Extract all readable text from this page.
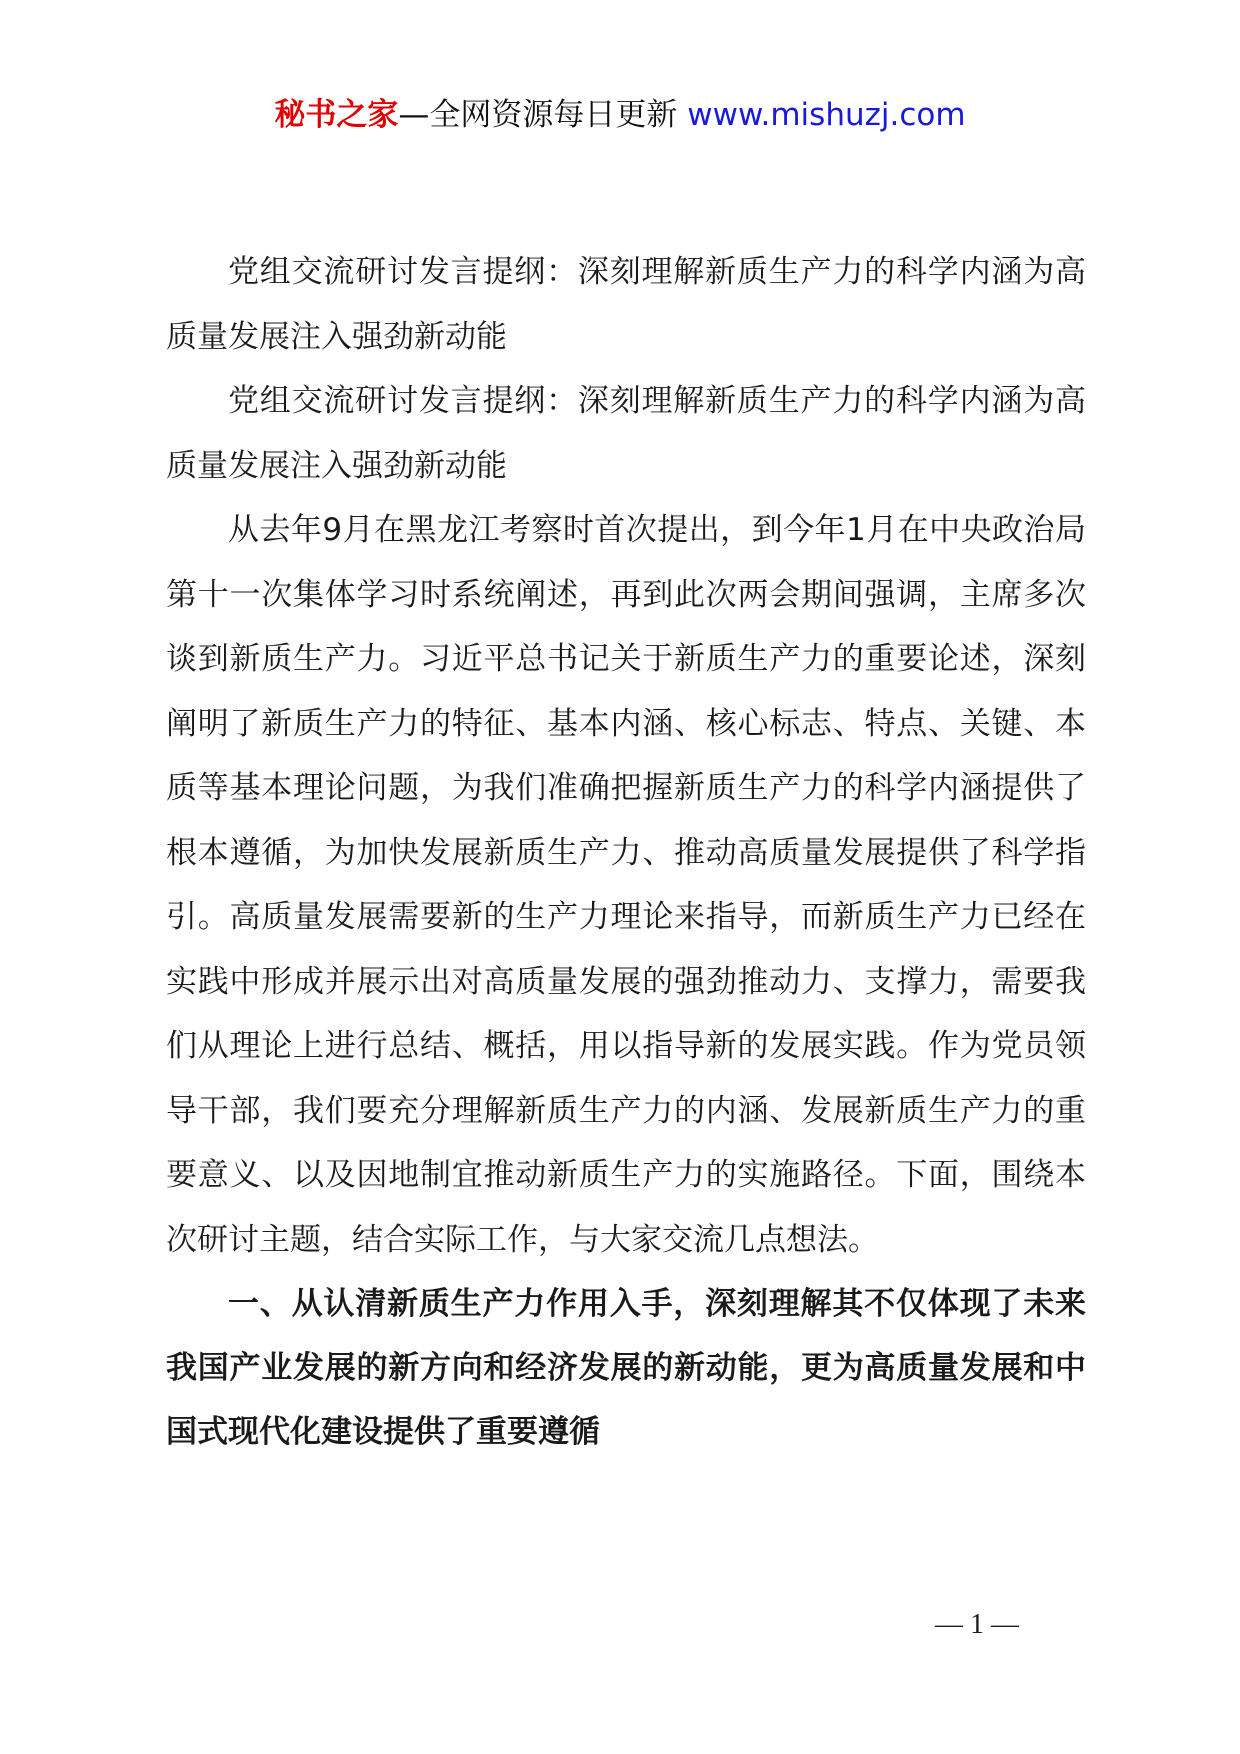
秘书之家—全网资源每日更新 www.mishuzj.com

党组交流研讨发言提纲：深刻理解新质生产力的科学内涵为高质量发展注入强劲新动能

党组交流研讨发言提纲：深刻理解新质生产力的科学内涵为高质量发展注入强劲新动能

从去年9月在黑龙江考察时首次提出，到今年1月在中央政治局第十一次集体学习时系统阐述，再到此次两会期间强调，主席多次谈到新质生产力。习近平总书记关于新质生产力的重要论述，深刻阐明了新质生产力的特征、基本内涵、核心标志、特点、关键、本质等基本理论问题，为我们准确把握新质生产力的科学内涵提供了根本遵循，为加快发展新质生产力、推动高质量发展提供了科学指引。高质量发展需要新的生产力理论来指导，而新质生产力已经在实践中形成并展示出对高质量发展的强劲推动力、支撑力，需要我们从理论上进行总结、概括，用以指导新的发展实践。作为党员领导干部，我们要充分理解新质生产力的内涵、发展新质生产力的重要意义、以及因地制宜推动新质生产力的实施路径。下面，围绕本次研讨主题，结合实际工作，与大家交流几点想法。

一、从认清新质生产力作用入手，深刻理解其不仅体现了未来我国产业发展的新方向和经济发展的新动能，更为高质量发展和中国式现代化建设提供了重要遵循

— 1 —
